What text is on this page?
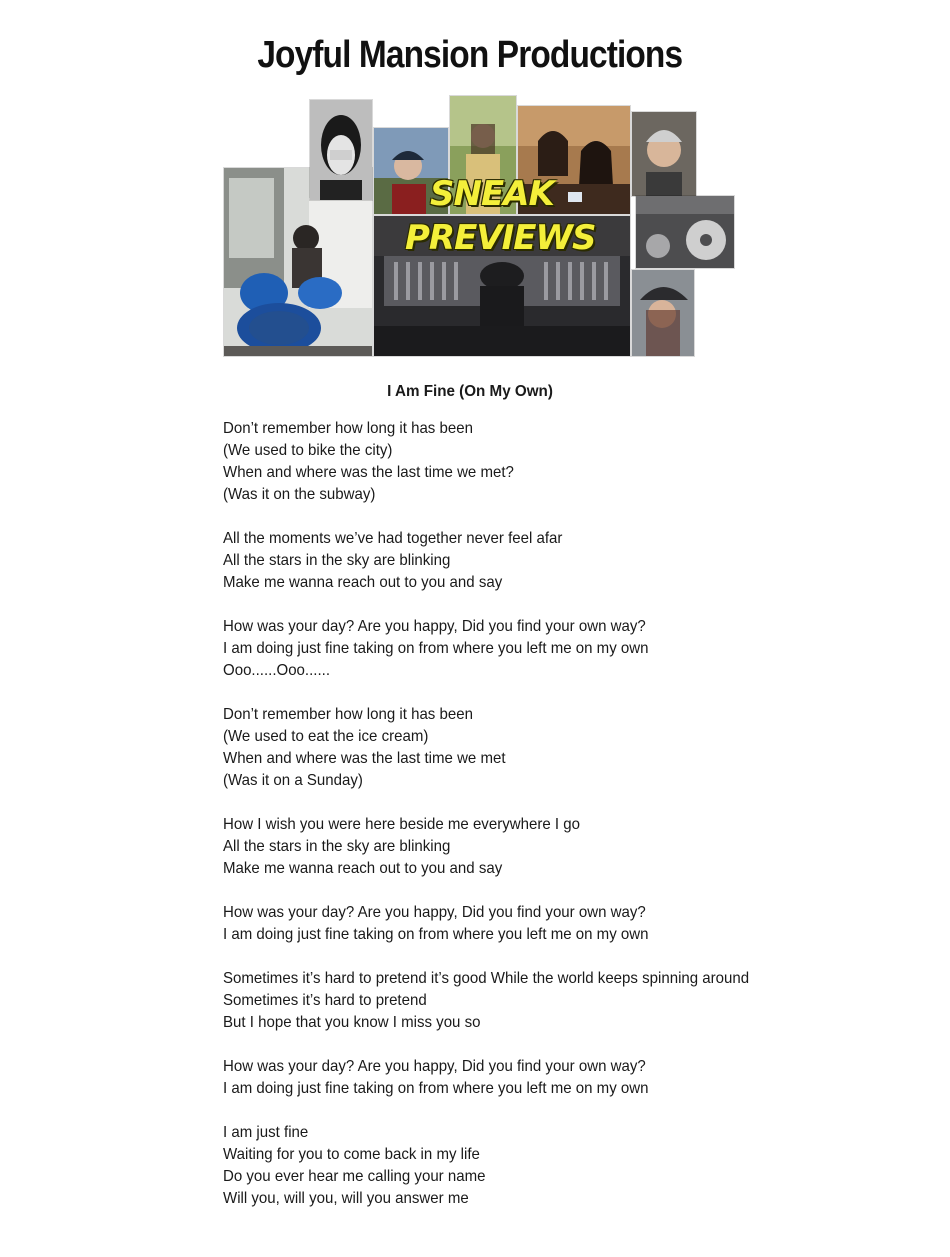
Joyful Mansion Productions
SNEAK
PREVIEWS
I Am Fine (On My Own)
Don’t remember how long it has been
(We used to bike the city)
When and where was the last time we met?
(Was it on the subway)
All the moments we’ve had together never feel afar
All the stars in the sky are blinking
Make me wanna reach out to you and say
How was your day? Are you happy, Did you find your own way?
I am doing just fine taking on from where you left me on my own
Ooo......Ooo......
Don’t remember how long it has been
(We used to eat the ice cream)
When and where was the last time we met
(Was it on a Sunday)
How I wish you were here beside me everywhere I go
All the stars in the sky are blinking
Make me wanna reach out to you and say
How was your day? Are you happy, Did you find your own way?
I am doing just fine taking on from where you left me on my own
Sometimes it’s hard to pretend it’s good While the world keeps spinning around
Sometimes it’s hard to pretend
But I hope that you know I miss you so
How was your day? Are you happy, Did you find your own way?
I am doing just fine taking on from where you left me on my own
I am just fine
Waiting for you to come back in my life
Do you ever hear me calling your name
Will you, will you, will you answer me
